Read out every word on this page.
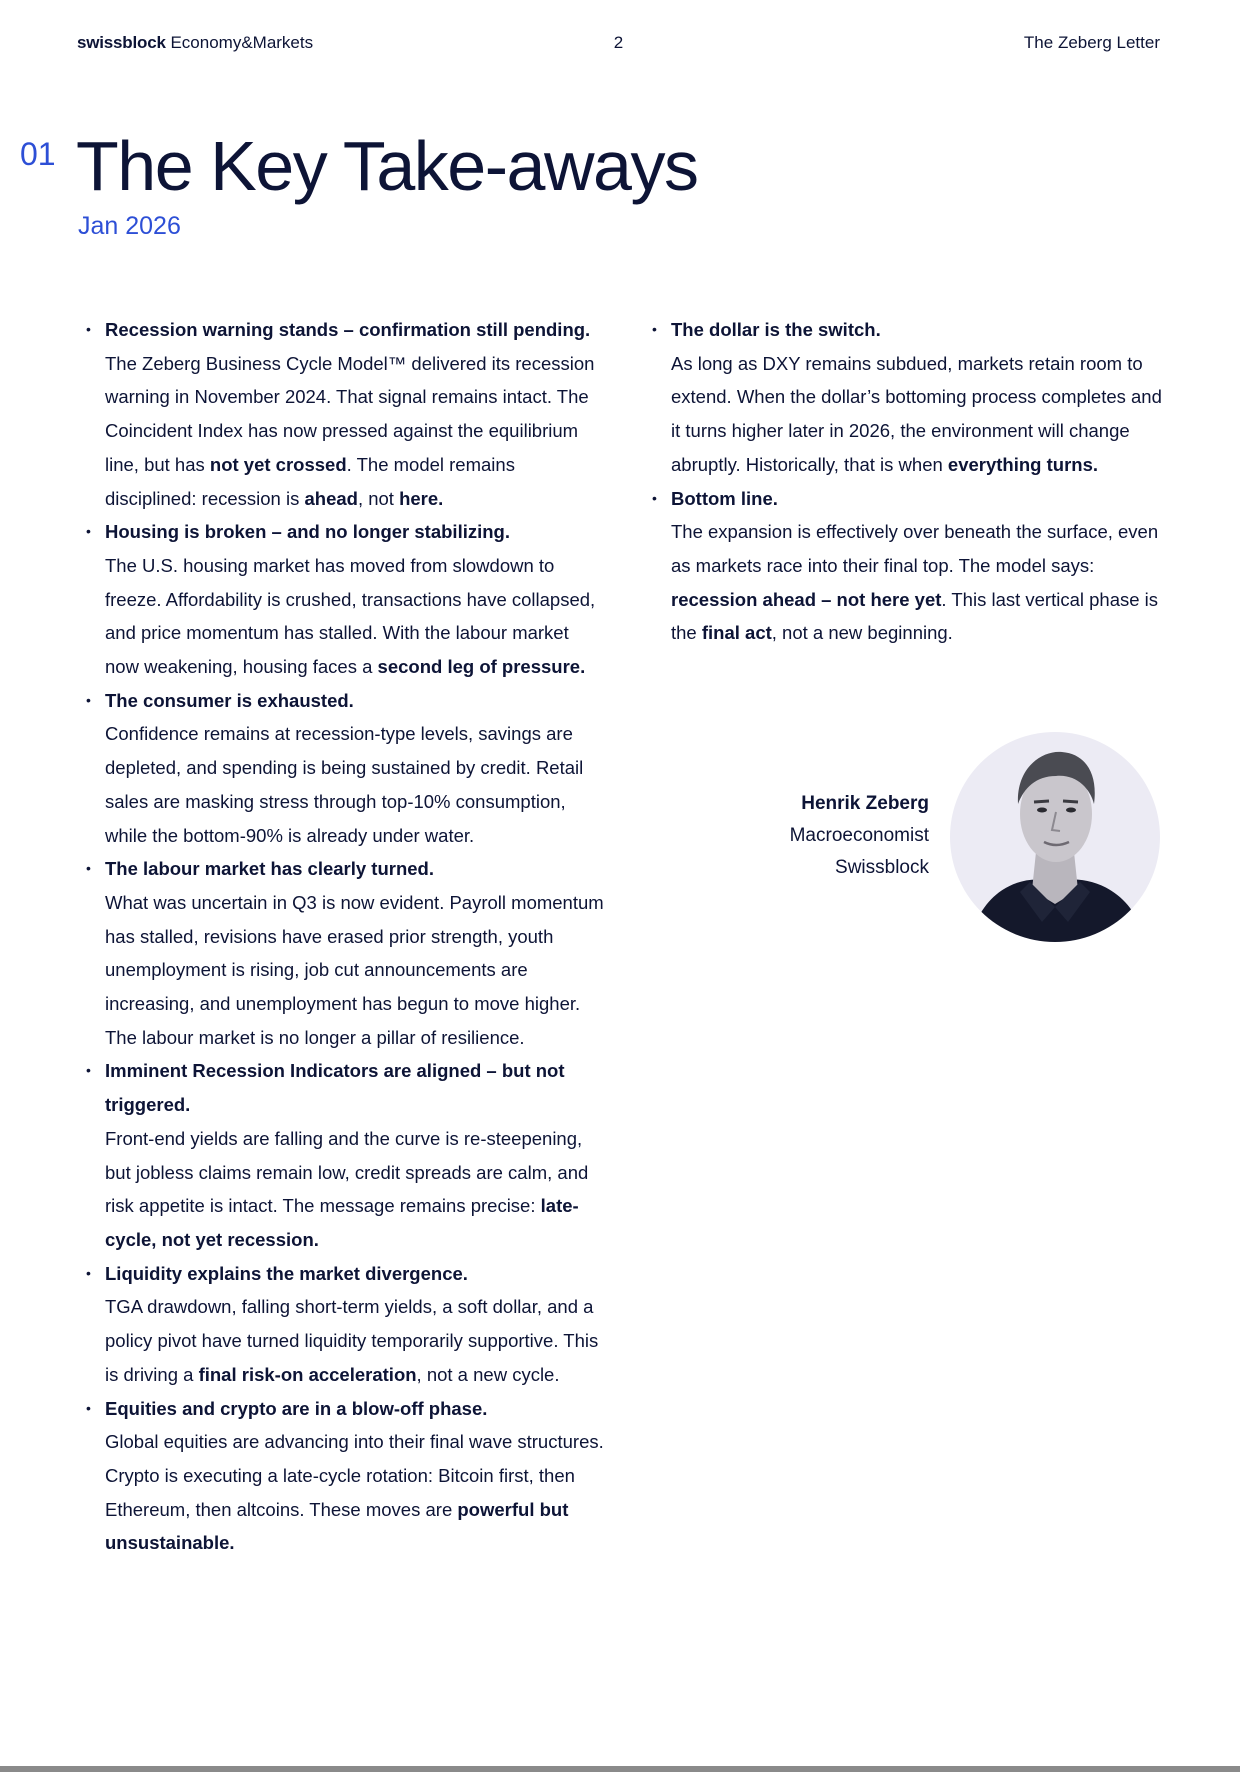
swissblock Economy&Markets	2	The Zeberg Letter
01 The Key Take-aways
Jan 2026
• Recession warning stands – confirmation still pending.
The Zeberg Business Cycle Model™ delivered its recession warning in November 2024. That signal remains intact. The Coincident Index has now pressed against the equilibrium line, but has not yet crossed. The model remains disciplined: recession is ahead, not here.
• Housing is broken – and no longer stabilizing.
The U.S. housing market has moved from slowdown to freeze. Affordability is crushed, transactions have collapsed, and price momentum has stalled. With the labour market now weakening, housing faces a second leg of pressure.
• The consumer is exhausted.
Confidence remains at recession-type levels, savings are depleted, and spending is being sustained by credit. Retail sales are masking stress through top-10% consumption, while the bottom-90% is already under water.
• The labour market has clearly turned.
What was uncertain in Q3 is now evident. Payroll momentum has stalled, revisions have erased prior strength, youth unemployment is rising, job cut announcements are increasing, and unemployment has begun to move higher. The labour market is no longer a pillar of resilience.
• Imminent Recession Indicators are aligned – but not triggered.
Front-end yields are falling and the curve is re-steepening, but jobless claims remain low, credit spreads are calm, and risk appetite is intact. The message remains precise: late-cycle, not yet recession.
• Liquidity explains the market divergence.
TGA drawdown, falling short-term yields, a soft dollar, and a policy pivot have turned liquidity temporarily supportive. This is driving a final risk-on acceleration, not a new cycle.
• Equities and crypto are in a blow-off phase.
Global equities are advancing into their final wave structures. Crypto is executing a late-cycle rotation: Bitcoin first, then Ethereum, then altcoins. These moves are powerful but unsustainable.
• The dollar is the switch.
As long as DXY remains subdued, markets retain room to extend. When the dollar’s bottoming process completes and it turns higher later in 2026, the environment will change abruptly. Historically, that is when everything turns.
• Bottom line.
The expansion is effectively over beneath the surface, even as markets race into their final top. The model says: recession ahead – not here yet. This last vertical phase is the final act, not a new beginning.
Henrik Zeberg
Macroeconomist
Swissblock
